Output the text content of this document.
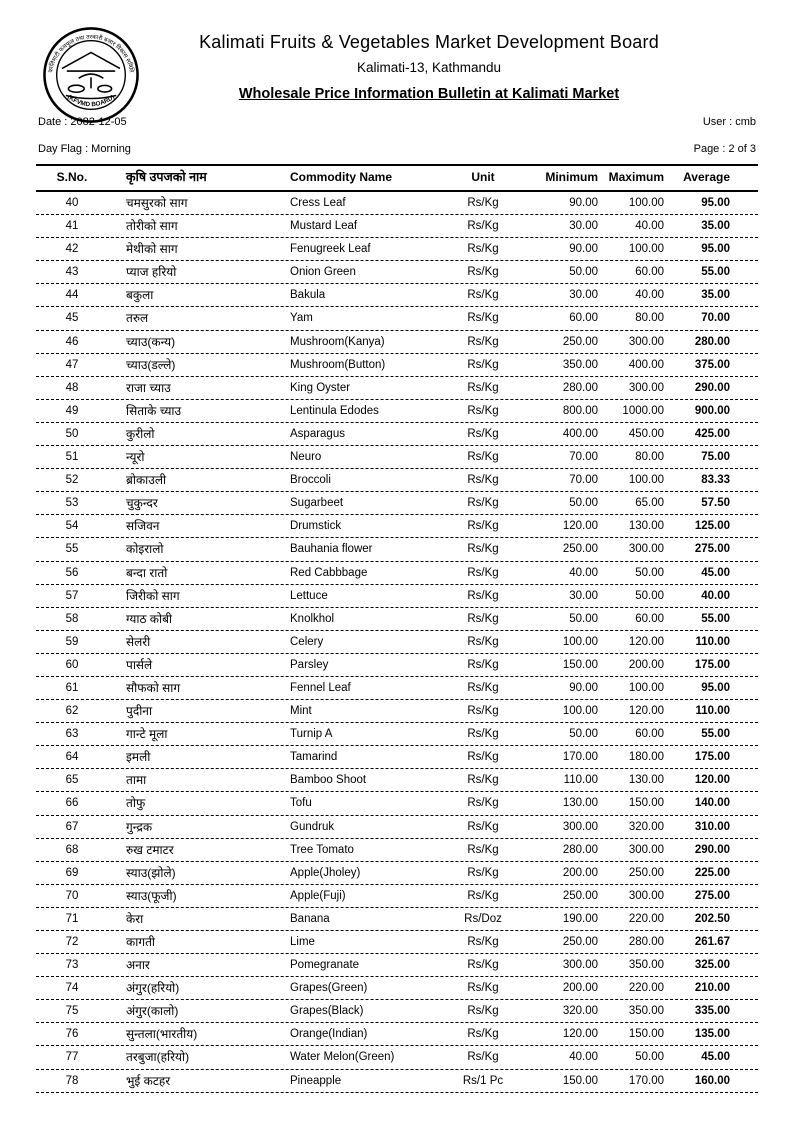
कालिमाटी फलफूल तथा तरकारी बजार विकास समिति
(KFVMD BOARD)
Kalimati Fruits & Vegetables Market Development Board
Kalimati-13, Kathmandu
Wholesale Price Information Bulletin at Kalimati Market
Date : 2082-12-05	User : cmb
Day Flag : Morning	Page : 2 of 3
S.No.	कृषि उपजको नाम	Commodity Name	Unit	Minimum Maximum	Average
40	चमसुरको साग	Cress Leaf	Rs/Kg	90.00	100.00	95.00
41	तोरीको साग	Mustard Leaf	Rs/Kg	30.00	40.00	35.00
42	मेथीको साग	Fenugreek Leaf	Rs/Kg	90.00	100.00	95.00
43	प्याज हरियो	Onion Green	Rs/Kg	50.00	60.00	55.00
44	बकुला	Bakula	Rs/Kg	30.00	40.00	35.00
45	तरुल	Yam	Rs/Kg	60.00	80.00	70.00
46	च्याउ(कन्य)	Mushroom(Kanya)	Rs/Kg	250.00	300.00	280.00
47	च्याउ(डल्ले)	Mushroom(Button)	Rs/Kg	350.00	400.00	375.00
48	राजा च्याउ	King Oyster	Rs/Kg	280.00	300.00	290.00
49	सिताके च्याउ	Lentinula Edodes	Rs/Kg	800.00	1000.00	900.00
50	कुरीलो	Asparagus	Rs/Kg	400.00	450.00	425.00
51	न्यूरो	Neuro	Rs/Kg	70.00	80.00	75.00
52	ब्रोकाउली	Broccoli	Rs/Kg	70.00	100.00	83.33
53	चुकुन्दर	Sugarbeet	Rs/Kg	50.00	65.00	57.50
54	सजिवन	Drumstick	Rs/Kg	120.00	130.00	125.00
55	कोइरालो	Bauhania flower	Rs/Kg	250.00	300.00	275.00
56	बन्दा रातो	Red Cabbbage	Rs/Kg	40.00	50.00	45.00
57	जिरीको साग	Lettuce	Rs/Kg	30.00	50.00	40.00
58	ग्याठ कोबी	Knolkhol	Rs/Kg	50.00	60.00	55.00
59	सेलरी	Celery	Rs/Kg	100.00	120.00	110.00
60	पार्सले	Parsley	Rs/Kg	150.00	200.00	175.00
61	सौफको साग	Fennel Leaf	Rs/Kg	90.00	100.00	95.00
62	पुदीना	Mint	Rs/Kg	100.00	120.00	110.00
63	गान्टे मूला	Turnip A	Rs/Kg	50.00	60.00	55.00
64	इमली	Tamarind	Rs/Kg	170.00	180.00	175.00
65	तामा	Bamboo Shoot	Rs/Kg	110.00	130.00	120.00
66	तोफु	Tofu	Rs/Kg	130.00	150.00	140.00
67	गुन्द्रक	Gundruk	Rs/Kg	300.00	320.00	310.00
68	रुख टमाटर	Tree Tomato	Rs/Kg	280.00	300.00	290.00
69	स्याउ(झोले)	Apple(Jholey)	Rs/Kg	200.00	250.00	225.00
70	स्याउ(फूजी)	Apple(Fuji)	Rs/Kg	250.00	300.00	275.00
71	केरा	Banana	Rs/Doz	190.00	220.00	202.50
72	कागती	Lime	Rs/Kg	250.00	280.00	261.67
73	अनार	Pomegranate	Rs/Kg	300.00	350.00	325.00
74	अंगुर(हरियो)	Grapes(Green)	Rs/Kg	200.00	220.00	210.00
75	अंगुर(कालो)	Grapes(Black)	Rs/Kg	320.00	350.00	335.00
76	सुन्तला(भारतीय)	Orange(Indian)	Rs/Kg	120.00	150.00	135.00
77	तरबुजा(हरियो)	Water Melon(Green)	Rs/Kg	40.00	50.00	45.00
78	भुई कटहर	Pineapple	Rs/1 Pc	150.00	170.00	160.00
